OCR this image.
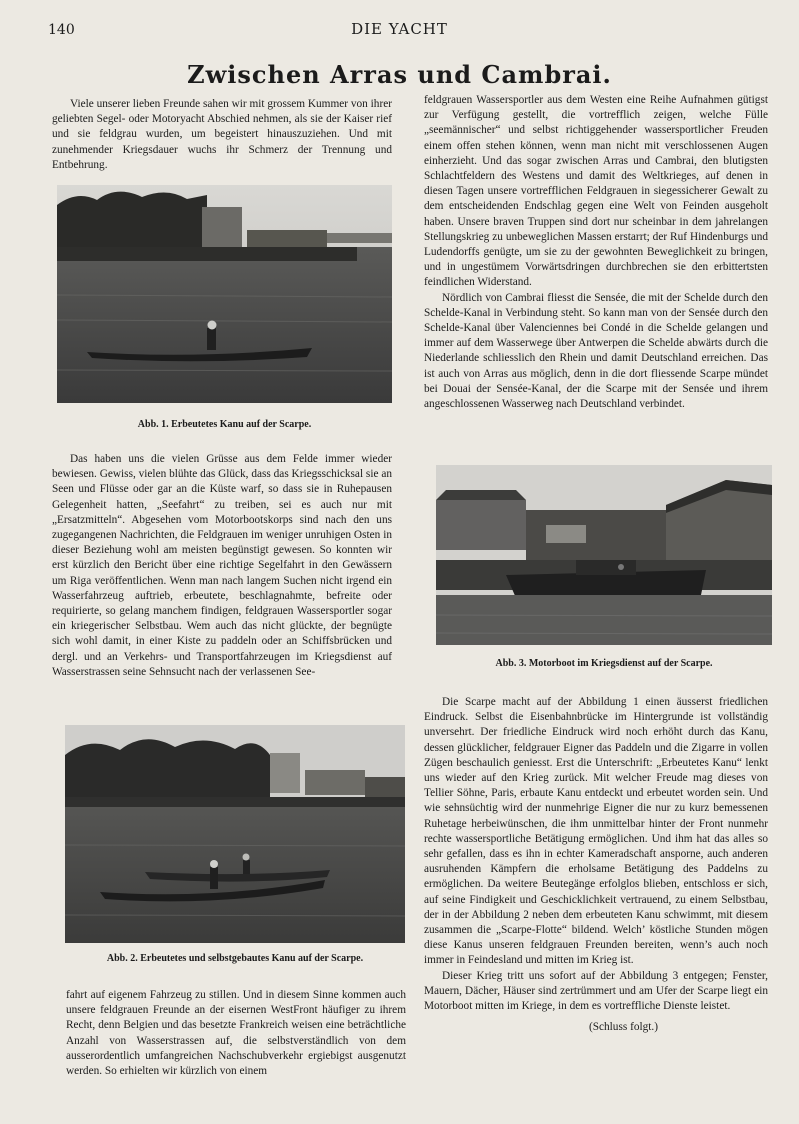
140	DIE YACHT
Zwischen Arras und Cambrai.

Viele unserer lieben Freunde sahen wir mit grossem Kummer von ihrer geliebten Segel- oder Motoryacht Abschied nehmen, als sie der Kaiser rief und sie feldgrau wurden, um begeistert hinauszuziehen. Und mit zunehmender Kriegsdauer wuchs ihr Schmerz der Trennung und Entbehrung.

Abb. 1. Erbeutetes Kanu auf der Scarpe.

Das haben uns die vielen Grüsse aus dem Felde immer wieder bewiesen. Gewiss, vielen blühte das Glück, dass das Kriegsschicksal sie an Seen und Flüsse oder gar an die Küste warf, so dass sie in Ruhepausen Gelegenheit hatten, „Seefahrt“ zu treiben, sei es auch nur mit „Ersatzmitteln“. Abgesehen vom Motorbootskorps sind nach den uns zugegangenen Nachrichten, die Feldgrauen im weniger unruhigen Osten in dieser Beziehung wohl am meisten begünstigt gewesen. So konnten wir erst kürzlich den Bericht über eine richtige Segelfahrt in den Gewässern um Riga veröffentlichen. Wenn man nach langem Suchen nicht irgend ein Wasserfahrzeug auftrieb, erbeutete, beschlagnahmte, befreite oder requirierte, so gelang manchem findigen, feldgrauen Wassersportler sogar ein kriegerischer Selbstbau. Wem auch das nicht glückte, der begnügte sich wohl damit, in einer Kiste zu paddeln oder an Schiffsbrücken und dergl. und an Verkehrs- und Transportfahrzeugen im Kriegsdienst auf Wasserstrassen seine Sehnsucht nach der verlassenen See-

Abb. 2. Erbeutetes und selbstgebautes Kanu auf der Scarpe.

fahrt auf eigenem Fahrzeug zu stillen. Und in diesem Sinne kommen auch unsere feldgrauen Freunde an der eisernen WestFront häufiger zu ihrem Recht, denn Belgien und das besetzte Frankreich weisen eine beträchtliche Anzahl von Wasserstrassen auf, die selbstverständlich von dem ausserordentlich umfangreichen Nachschubverkehr ergiebigst ausgenutzt werden. So erhielten wir kürzlich von einem

feldgrauen Wassersportler aus dem Westen eine Reihe Aufnahmen gütigst zur Verfügung gestellt, die vortrefflich zeigen, welche Fülle „seemännischer“ und selbst richtiggehender wassersportlicher Freuden einem offen stehen können, wenn man nicht mit verschlossenen Augen einherzieht. Und das sogar zwischen Arras und Cambrai, den blutigsten Schlachtfeldern des Westens und damit des Weltkrieges, auf denen in diesen Tagen unsere vortrefflichen Feldgrauen in siegessicherer Gewalt zu dem entscheidenden Endschlag gegen eine Welt von Feinden ausgeholt haben. Unsere braven Truppen sind dort nur scheinbar in dem jahrelangen Stellungskrieg zu unbeweglichen Massen erstarrt; der Ruf Hindenburgs und Ludendorffs genügte, um sie zu der gewohnten Beweglichkeit zu bringen, und in ungestümem Vorwärtsdringen durchbrechen sie den erbittertsten feindlichen Widerstand.

Nördlich von Cambrai fliesst die Sensée, die mit der Schelde durch den Schelde-Kanal in Verbindung steht. So kann man von der Sensée durch den Schelde-Kanal über Valenciennes bei Condé in die Schelde gelangen und immer auf dem Wasserwege über Antwerpen die Schelde abwärts durch die Niederlande schliesslich den Rhein und damit Deutschland erreichen. Das ist auch von Arras aus möglich, denn in die dort fliessende Scarpe mündet bei Douai der Sensée-Kanal, der die Scarpe mit der Sensée und ihrem angeschlossenen Wasserweg nach Deutschland verbindet.

Abb. 3. Motorboot im Kriegsdienst auf der Scarpe.

Die Scarpe macht auf der Abbildung 1 einen äusserst friedlichen Eindruck. Selbst die Eisenbahnbrücke im Hintergrunde ist vollständig unversehrt. Der friedliche Eindruck wird noch erhöht durch das Kanu, dessen glücklicher, feldgrauer Eigner das Paddeln und die Zigarre in vollen Zügen beschaulich geniesst. Erst die Unterschrift: „Erbeutetes Kanu“ lenkt uns wieder auf den Krieg zurück. Mit welcher Freude mag dieses von Tellier Söhne, Paris, erbaute Kanu entdeckt und erbeutet worden sein. Und wie sehnsüchtig wird der nunmehrige Eigner die nur zu kurz bemessenen Ruhetage herbeiwünschen, die ihm unmittelbar hinter der Front nunmehr rechte wassersportliche Betätigung ermöglichen. Und ihm hat das alles so sehr gefallen, dass es ihn in echter Kameradschaft ansporne, auch anderen ausruhenden Kämpfern die erholsame Betätigung des Paddelns zu ermöglichen. Da weitere Beutegänge erfolglos blieben, entschloss er sich, auf seine Findigkeit und Geschicklichkeit vertrauend, zu einem Selbstbau, der in der Abbildung 2 neben dem erbeuteten Kanu schwimmt, mit diesem zusammen die „Scarpe-Flotte“ bildend. Welch’ köstliche Stunden mögen diese Kanus unseren feldgrauen Freunden bereiten, wenn’s auch noch immer in Feindesland und mitten im Krieg ist.

Dieser Krieg tritt uns sofort auf der Abbildung 3 entgegen; Fenster, Mauern, Dächer, Häuser sind zertrümmert und am Ufer der Scarpe liegt ein Motorboot mitten im Kriege, in dem es vortreffliche Dienste leistet.

(Schluss folgt.)
